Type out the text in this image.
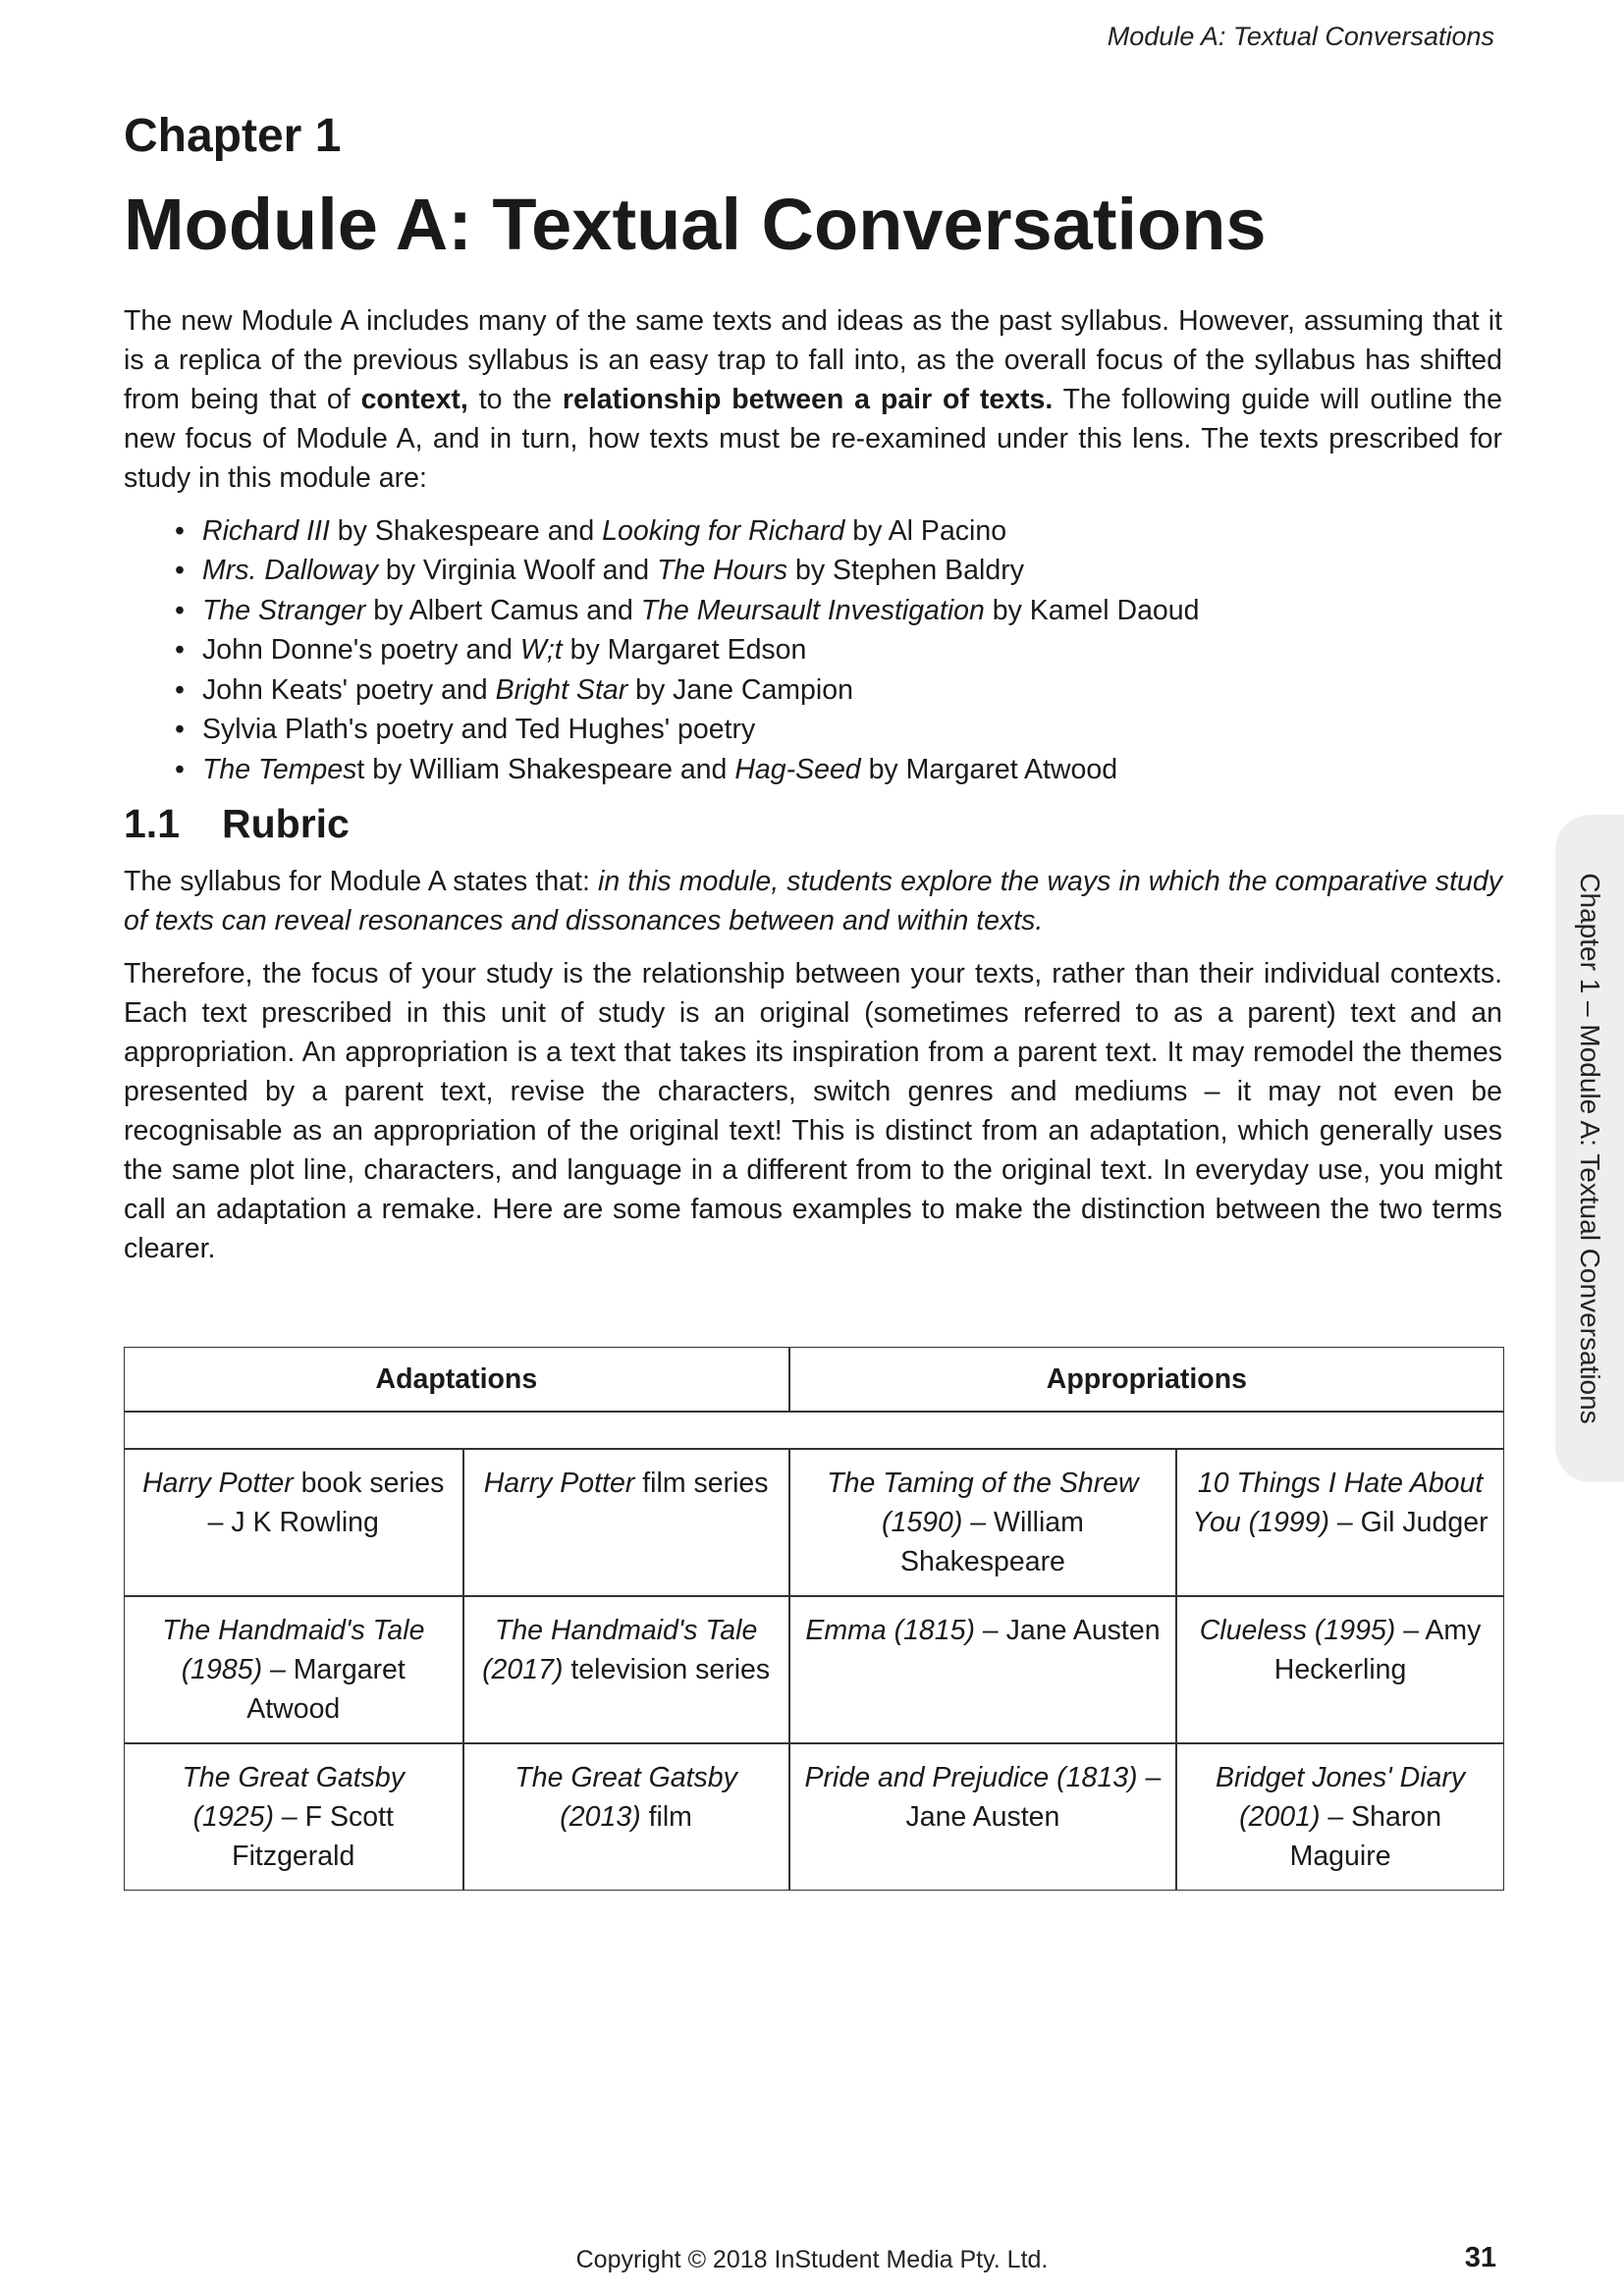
Module A: Textual Conversations
Chapter 1
Module A: Textual Conversations

The new Module A includes many of the same texts and ideas as the past syllabus. However, assuming that it is a replica of the previous syllabus is an easy trap to fall into, as the overall focus of the syllabus has shifted from being that of context, to the relationship between a pair of texts. The following guide will outline the new focus of Module A, and in turn, how texts must be re-examined under this lens. The texts prescribed for study in this module are:

• Richard III by Shakespeare and Looking for Richard by Al Pacino
• Mrs. Dalloway by Virginia Woolf and The Hours by Stephen Baldry
• The Stranger by Albert Camus and The Meursault Investigation by Kamel Daoud
• John Donne's poetry and W;t by Margaret Edson
• John Keats' poetry and Bright Star by Jane Campion
• Sylvia Plath's poetry and Ted Hughes' poetry
• The Tempest by William Shakespeare and Hag-Seed by Margaret Atwood
1.1 Rubric

The syllabus for Module A states that: in this module, students explore the ways in which the comparative study of texts can reveal resonances and dissonances between and within texts.

Therefore, the focus of your study is the relationship between your texts, rather than their individual contexts. Each text prescribed in this unit of study is an original (sometimes referred to as a parent) text and an appropriation. An appropriation is a text that takes its inspiration from a parent text. It may remodel the themes presented by a parent text, revise the characters, switch genres and mediums – it may not even be recognisable as an appropriation of the original text! This is distinct from an adaptation, which generally uses the same plot line, characters, and language in a different from to the original text. In everyday use, you might call an adaptation a remake. Here are some famous examples to make the distinction between the two terms clearer.

Adaptations		Appropriations	

Harry Potter book series – J K Rowling	Harry Potter film series	The Taming of the Shrew (1590) – William Shakespeare	10 Things I Hate About You (1999) – Gil Judger
The Handmaid's Tale (1985) – Margaret Atwood	The Handmaid's Tale (2017) television series	Emma (1815) – Jane Austen	Clueless (1995) – Amy Heckerling
The Great Gatsby (1925) – F Scott Fitzgerald	The Great Gatsby (2013) film	Pride and Prejudice (1813) – Jane Austen	Bridget Jones' Diary (2001) – Sharon Maguire
Chapter 1 – Module A: Textual Conversations
Copyright © 2018 InStudent Media Pty. Ltd.	31
